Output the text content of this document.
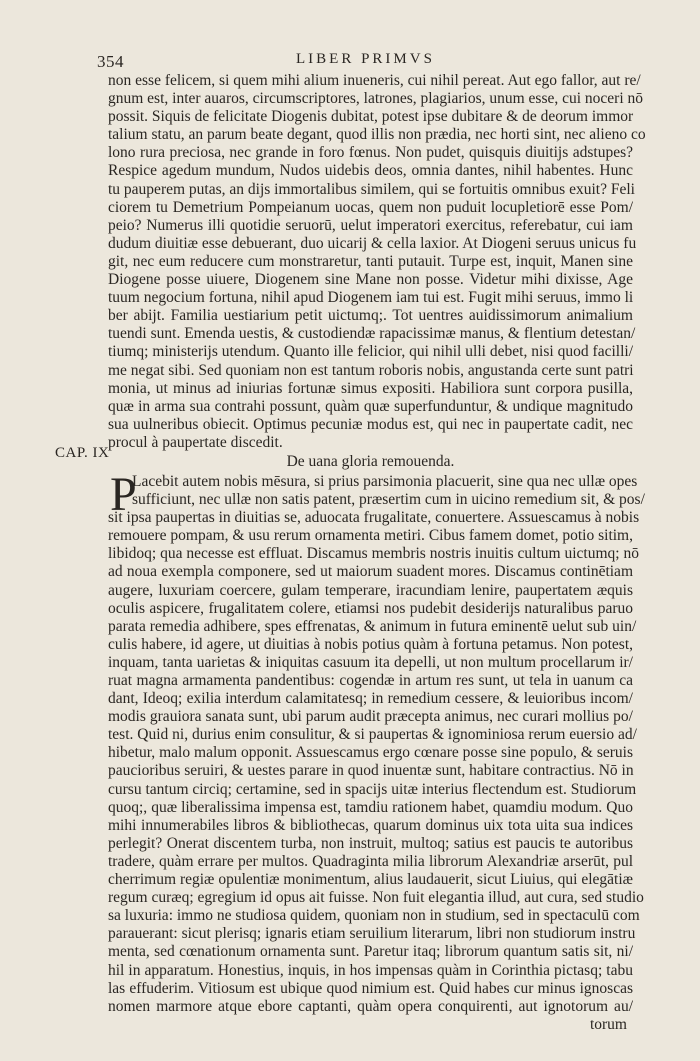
354	LIBER PRIMVS
non esse felicem, si quem mihi alium inueneris, cui nihil pereat. Aut ego fallor, aut re/
gnum est, inter auaros, circumscriptores, latrones, plagiarios, unum esse, cui noceri nō
possit. Siquis de felicitate Diogenis dubitat, potest ipse dubitare & de deorum immor
talium statu, an parum beate degant, quod illis non prædia, nec horti sint, nec alieno co
lono rura preciosa, nec grande in foro fœnus. Non pudet, quisquis diuitijs adstupes?
Respice agedum mundum, Nudos uidebis deos, omnia dantes, nihil habentes. Hunc
tu pauperem putas, an dijs immortalibus similem, qui se fortuitis omnibus exuit? Feli
ciorem tu Demetrium Pompeianum uocas, quem non puduit locupletiorē esse Pom/
peio? Numerus illi quotidie seruorū, uelut imperatori exercitus, referebatur, cui iam
dudum diuitiæ esse debuerant, duo uicarij & cella laxior. At Diogeni seruus unicus fu
git, nec eum reducere cum monstraretur, tanti putauit. Turpe est, inquit, Manen sine
Diogene posse uiuere, Diogenem sine Mane non posse. Videtur mihi dixisse, Age
tuum negocium fortuna, nihil apud Diogenem iam tui est. Fugit mihi seruus, immo li
ber abijt. Familia uestiarium petit uictumq;. Tot uentres auidissimorum animalium
tuendi sunt. Emenda uestis, & custodiendæ rapacissimæ manus, & flentium detestan/
tiumq; ministerijs utendum. Quanto ille felicior, qui nihil ulli debet, nisi quod facilli/
me negat sibi. Sed quoniam non est tantum roboris nobis, angustanda certe sunt patri
monia, ut minus ad iniurias fortunæ simus expositi. Habiliora sunt corpora pusilla,
quæ in arma sua contrahi possunt, quàm quæ superfunduntur, & undique magnitudo
sua uulneribus obiecit. Optimus pecuniæ modus est, qui nec in paupertate cadit, nec
procul à paupertate discedit.
De uana gloria remouenda.
P
Lacebit autem nobis mēsura, si prius parsimonia placuerit, sine qua nec ullæ opes
sufficiunt, nec ullæ non satis patent, præsertim cum in uicino remedium sit, & pos/
sit ipsa paupertas in diuitias se, aduocata frugalitate, conuertere. Assuescamus à nobis
remouere pompam, & usu rerum ornamenta metiri. Cibus famem domet, potio sitim,
libidoq; qua necesse est effluat. Discamus membris nostris inuitis cultum uictumq; nō
ad noua exempla componere, sed ut maiorum suadent mores. Discamus continētiam
augere, luxuriam coercere, gulam temperare, iracundiam lenire, paupertatem æquis
oculis aspicere, frugalitatem colere, etiamsi nos pudebit desiderijs naturalibus paruo
parata remedia adhibere, spes effrenatas, & animum in futura eminentē uelut sub uin/
culis habere, id agere, ut diuitias à nobis potius quàm à fortuna petamus. Non potest,
inquam, tanta uarietas & iniquitas casuum ita depelli, ut non multum procellarum ir/
ruat magna armamenta pandentibus: cogendæ in artum res sunt, ut tela in uanum ca
dant, Ideoq; exilia interdum calamitatesq; in remedium cessere, & leuioribus incom/
modis grauiora sanata sunt, ubi parum audit præcepta animus, nec curari mollius po/
test. Quid ni, durius enim consulitur, & si paupertas & ignominiosa rerum euersio ad/
hibetur, malo malum opponit. Assuescamus ergo cœnare posse sine populo, & seruis
paucioribus seruiri, & uestes parare in quod inuentæ sunt, habitare contractius. Nō in
cursu tantum circiq; certamine, sed in spacijs uitæ interius flectendum est. Studiorum
quoq;, quæ liberalissima impensa est, tamdiu rationem habet, quamdiu modum. Quo
mihi innumerabiles libros & bibliothecas, quarum dominus uix tota uita sua indices
perlegit? Onerat discentem turba, non instruit, multoq; satius est paucis te autoribus
tradere, quàm errare per multos. Quadraginta milia librorum Alexandriæ arserūt, pul
cherrimum regiæ opulentiæ monimentum, alius laudauerit, sicut Liuius, qui elegātiæ
regum curæq; egregium id opus ait fuisse. Non fuit elegantia illud, aut cura, sed studio
sa luxuria: immo ne studiosa quidem, quoniam non in studium, sed in spectaculū com
parauerant: sicut plerisq; ignaris etiam seruilium literarum, libri non studiorum instru
menta, sed cœnationum ornamenta sunt. Paretur itaq; librorum quantum satis sit, ni/
hil in apparatum. Honestius, inquis, in hos impensas quàm in Corinthia pictasq; tabu
las effuderim. Vitiosum est ubique quod nimium est. Quid habes cur minus ignoscas
nomen marmore atque ebore captanti, quàm opera conquirenti, aut ignotorum au/
torum
CAP. IX
